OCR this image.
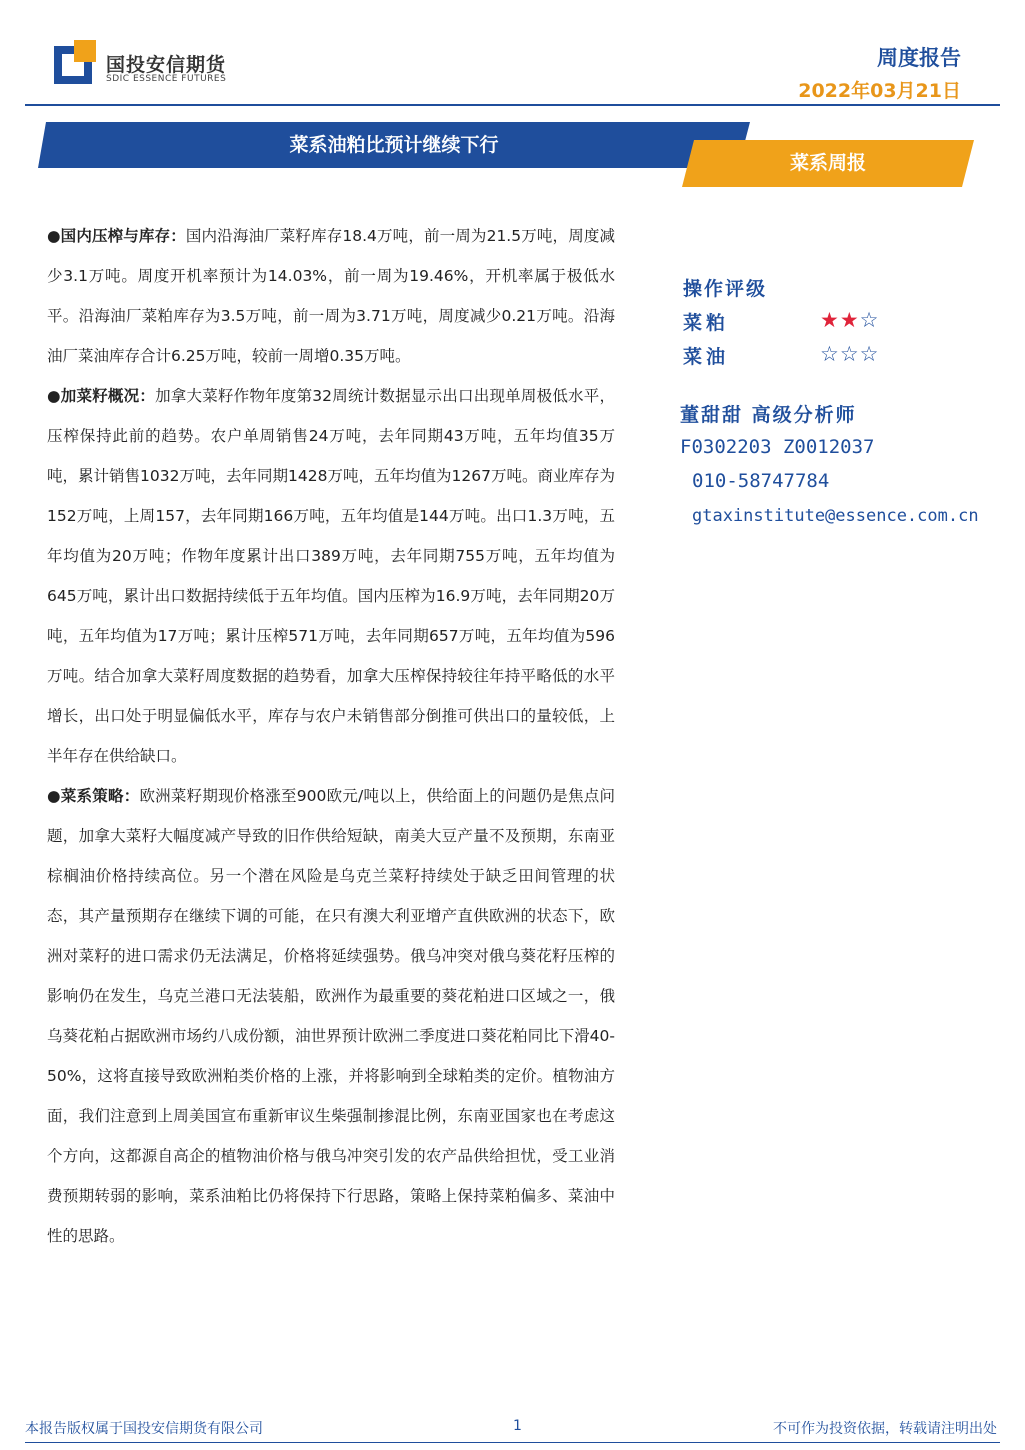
国投安信期货
SDIC ESSENCE FUTURES
周度报告
2022年03月21日
菜系油粕比预计继续下行
菜系周报

●国内压榨与库存：国内沿海油厂菜籽库存18.4万吨，前一周为21.5万吨，周度减少3.1万吨。周度开机率预计为14.03%，前一周为19.46%，开机率属于极低水平。沿海油厂菜粕库存为3.5万吨，前一周为3.71万吨，周度减少0.21万吨。沿海油厂菜油库存合计6.25万吨，较前一周增0.35万吨。

●加菜籽概况：加拿大菜籽作物年度第32周统计数据显示出口出现单周极低水平，压榨保持此前的趋势。农户单周销售24万吨，去年同期43万吨，五年均值35万吨，累计销售1032万吨，去年同期1428万吨，五年均值为1267万吨。商业库存为152万吨，上周157，去年同期166万吨，五年均值是144万吨。出口1.3万吨，五年均值为20万吨；作物年度累计出口389万吨，去年同期755万吨，五年均值为645万吨，累计出口数据持续低于五年均值。国内压榨为16.9万吨，去年同期20万吨，五年均值为17万吨；累计压榨571万吨，去年同期657万吨，五年均值为596万吨。结合加拿大菜籽周度数据的趋势看，加拿大压榨保持较往年持平略低的水平增长，出口处于明显偏低水平，库存与农户未销售部分倒推可供出口的量较低，上半年存在供给缺口。

●菜系策略：欧洲菜籽期现价格涨至900欧元/吨以上，供给面上的问题仍是焦点问题，加拿大菜籽大幅度减产导致的旧作供给短缺，南美大豆产量不及预期，东南亚棕榈油价格持续高位。另一个潜在风险是乌克兰菜籽持续处于缺乏田间管理的状态，其产量预期存在继续下调的可能，在只有澳大利亚增产直供欧洲的状态下，欧洲对菜籽的进口需求仍无法满足，价格将延续强势。俄乌冲突对俄乌葵花籽压榨的影响仍在发生，乌克兰港口无法装船，欧洲作为最重要的葵花粕进口区域之一，俄乌葵花粕占据欧洲市场约八成份额，油世界预计欧洲二季度进口葵花粕同比下滑40-50%，这将直接导致欧洲粕类价格的上涨，并将影响到全球粕类的定价。植物油方面，我们注意到上周美国宣布重新审议生柴强制掺混比例，东南亚国家也在考虑这个方向，这都源自高企的植物油价格与俄乌冲突引发的农产品供给担忧，受工业消费预期转弱的影响，菜系油粕比仍将保持下行思路，策略上保持菜粕偏多、菜油中性的思路。

操作评级
菜粕	★★☆
菜油	☆☆☆
董甜甜 高级分析师
F0302203 Z0012037
010-58747784
gtaxinstitute@essence.com.cn
本报告版权属于国投安信期货有限公司	1	不可作为投资依据，转载请注明出处
